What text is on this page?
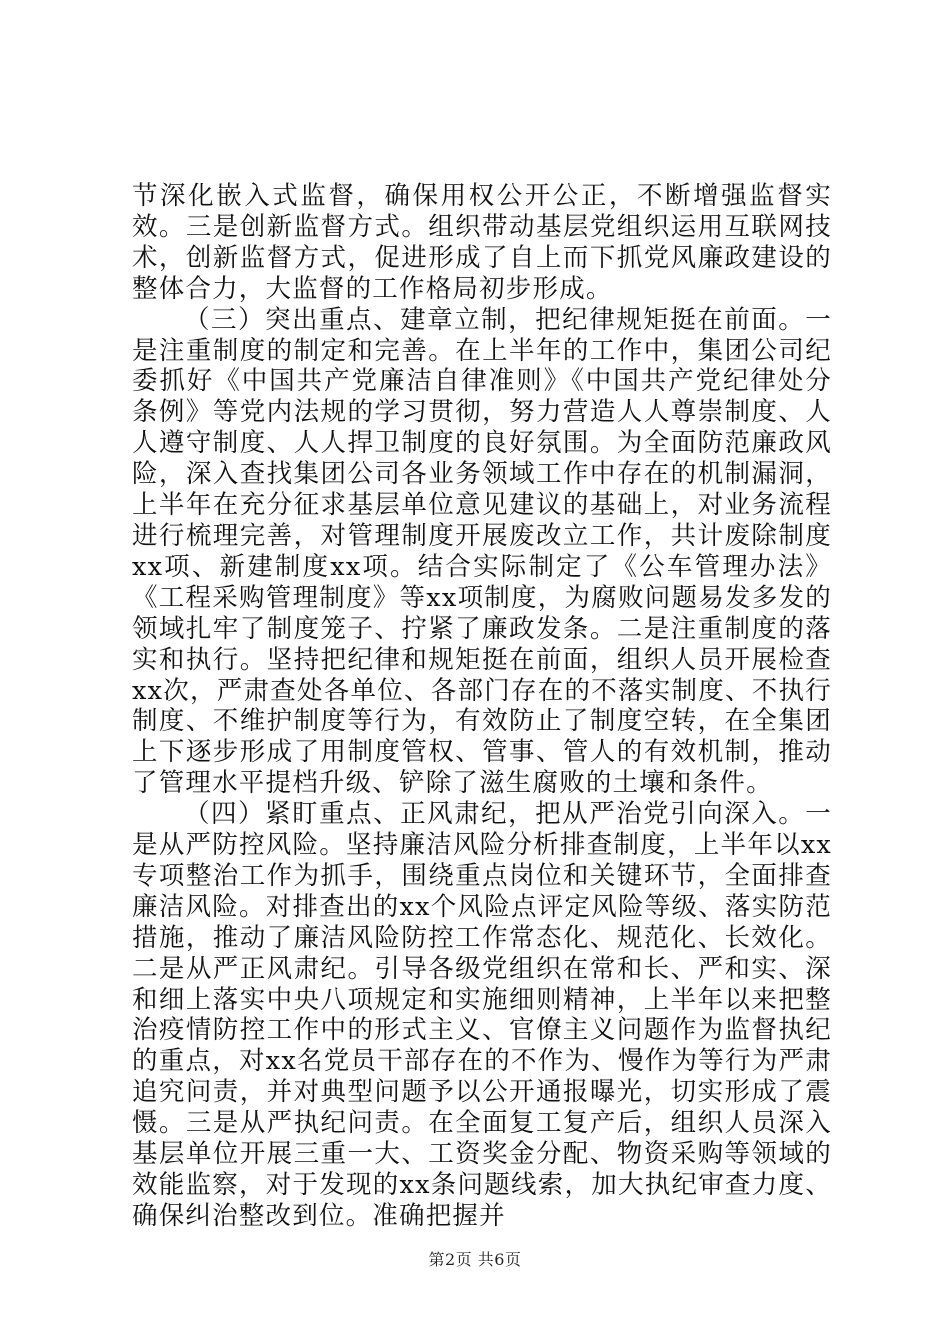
节深化嵌入式监督，确保用权公开公正，不断增强监督实效。三是创新监督方式。组织带动基层党组织运用互联网技术，创新监督方式，促进形成了自上而下抓党风廉政建设的整体合力，大监督的工作格局初步形成。

（三）突出重点、建章立制，把纪律规矩挺在前面。一是注重制度的制定和完善。在上半年的工作中，集团公司纪委抓好《中国共产党廉洁自律准则》《中国共产党纪律处分条例》等党内法规的学习贯彻，努力营造人人尊崇制度、人人遵守制度、人人捍卫制度的良好氛围。为全面防范廉政风险，深入查找集团公司各业务领域工作中存在的机制漏洞，上半年在充分征求基层单位意见建议的基础上，对业务流程进行梳理完善，对管理制度开展废改立工作，共计废除制度xx项、新建制度xx项。结合实际制定了《公车管理办法》《工程采购管理制度》等xx项制度，为腐败问题易发多发的领域扎牢了制度笼子、拧紧了廉政发条。二是注重制度的落实和执行。坚持把纪律和规矩挺在前面，组织人员开展检查xx次，严肃查处各单位、各部门存在的不落实制度、不执行制度、不维护制度等行为，有效防止了制度空转，在全集团上下逐步形成了用制度管权、管事、管人的有效机制，推动了管理水平提档升级、铲除了滋生腐败的土壤和条件。

（四）紧盯重点、正风肃纪，把从严治党引向深入。一是从严防控风险。坚持廉洁风险分析排查制度，上半年以xx专项整治工作为抓手，围绕重点岗位和关键环节，全面排查廉洁风险。对排查出的xx个风险点评定风险等级、落实防范措施，推动了廉洁风险防控工作常态化、规范化、长效化。二是从严正风肃纪。引导各级党组织在常和长、严和实、深和细上落实中央八项规定和实施细则精神，上半年以来把整治疫情防控工作中的形式主义、官僚主义问题作为监督执纪的重点，对xx名党员干部存在的不作为、慢作为等行为严肃追究问责，并对典型问题予以公开通报曝光，切实形成了震慑。三是从严执纪问责。在全面复工复产后，组织人员深入基层单位开展三重一大、工资奖金分配、物资采购等领域的效能监察，对于发现的xx条问题线索，加大执纪审查力度、确保纠治整改到位。准确把握并

第2页 共6页
